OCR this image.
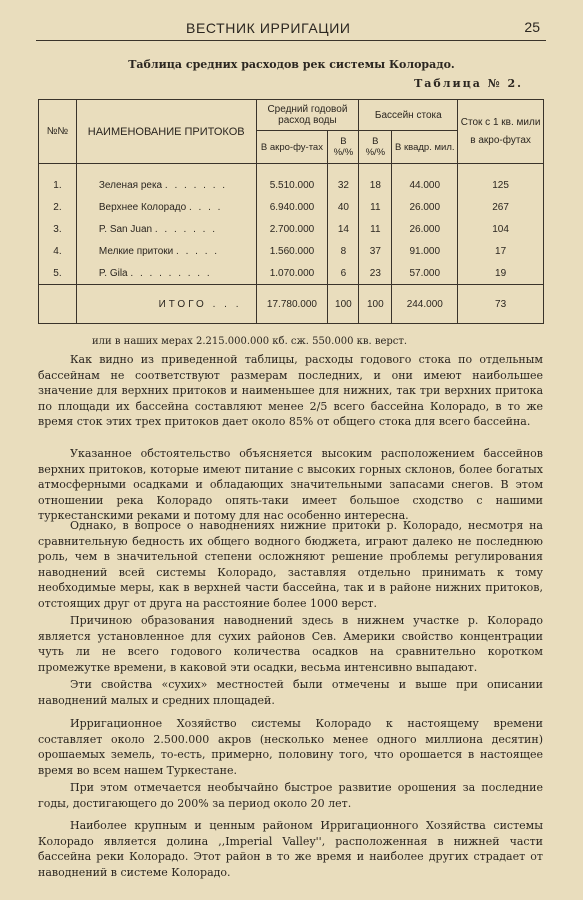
ВЕСТНИК ИРРИГАЦИИ	25
Таблица средних расходов рек системы Колорадо.
Таблица № 2.
№№	НАИМЕНОВАНИЕ ПРИТОКОВ	Средний годовой расход воды		Бассейн стока		Сток с 1 кв. мили в акро-футах
		В акро-фу-тах	В %/%	В %/%	В квадр. мил.	

1.	Зеленая река . . . . . . .	5.510.000	32	18	44.000	125
2.	Верхнее Колорадо . . . .	6.940.000	40	11	26.000	267
3.	P. San Juan . . . . . . .	2.700.000	14	11	26.000	104
4.	Мелкие притоки . . . . .	1.560.000	8	37	91.000	17
5.	P. Gila . . . . . . . . .	1.070.000	6	23	57.000	19
	ИТОГО . . .	17.780.000	100	100	244.000	73
или в наших мерах 2.215.000.000 кб. сж. 550.000 кв. верст.

Как видно из приведенной таблицы, расходы годового стока по отдельным бассейнам не соответствуют размерам последних, и они имеют наибольшее значение для верхних притоков и наименьшее для нижних, так три верхних притока по площади их бассейна составляют менее 2/5 всего бассейна Колорадо, в то же время сток этих трех притоков дает около 85% от общего стока для всего бассейна.

Указанное обстоятельство объясняется высоким расположением бассейнов верхних притоков, которые имеют питание с высоких горных склонов, более богатых атмосферными осадками и обладающих значительными запасами снегов. В этом отношении река Колорадо опять-таки имеет большое сходство с нашими туркестанскими реками и потому для нас особенно интересна.

Однако, в вопросе о наводнениях нижние притоки р. Колорадо, несмотря на сравнительную бедность их общего водного бюджета, играют далеко не последнюю роль, чем в значительной степени осложняют решение проблемы регулирования наводнений всей системы Колорадо, заставляя отдельно принимать к тому необходимые меры, как в верхней части бассейна, так и в районе нижних притоков, отстоящих друг от друга на расстояние более 1000 верст.

Причиною образования наводнений здесь в нижнем участке р. Колорадо является установленное для сухих районов Сев. Америки свойство концентрации чуть ли не всего годового количества осадков на сравнительно коротком промежутке времени, в каковой эти осадки, весьма интенсивно выпадают.

Эти свойства «сухих» местностей были отмечены и выше при описании наводнений малых и средних площадей.

Ирригационное Хозяйство системы Колорадо к настоящему времени составляет около 2.500.000 акров (несколько менее одного миллиона десятин) орошаемых земель, то-есть, примерно, половину того, что орошается в настоящее время во всем нашем Туркестане.

При этом отмечается необычайно быстрое развитие орошения за последние годы, достигающего до 200% за период около 20 лет.

Наиболее крупным и ценным районом Ирригационного Хозяйства системы Колорадо является долина ,,Imperial Valley'', расположенная в нижней части бассейна реки Колорадо. Этот район в то же время и наиболее других страдает от наводнений в системе Колорадо.
